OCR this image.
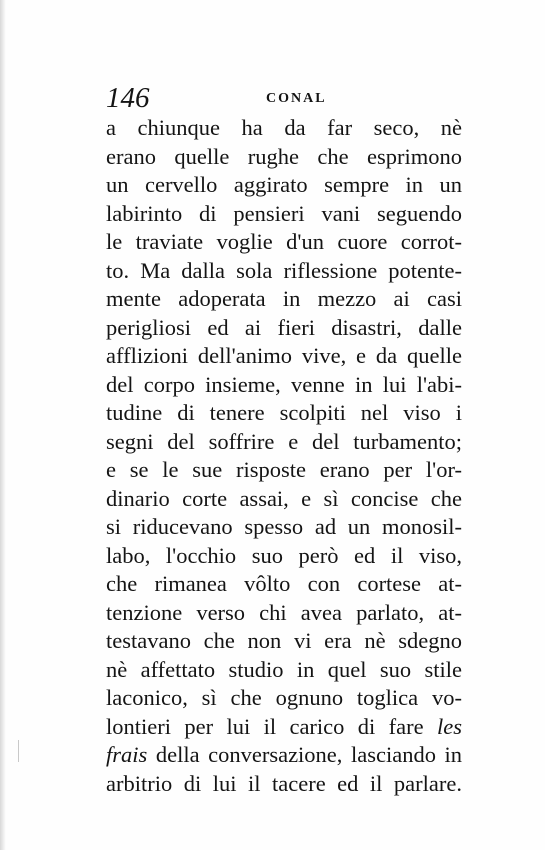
146	CONAL
a chiunque ha da far seco, nè
erano quelle rughe che esprimono
un cervello aggirato sempre in un
labirinto di pensieri vani seguendo
le traviate voglie d'un cuore corrot-
to. Ma dalla sola riflessione potente-
mente adoperata in mezzo ai casi
perigliosi ed ai fieri disastri, dalle
afflizioni dell'animo vive, e da quelle
del corpo insieme, venne in lui l'abi-
tudine di tenere scolpiti nel viso i
segni del soffrire e del turbamento;
e se le sue risposte erano per l'or-
dinario corte assai, e sì concise che
si riducevano spesso ad un monosil-
labo, l'occhio suo però ed il viso,
che rimanea vôlto con cortese at-
tenzione verso chi avea parlato, at-
testavano che non vi era nè sdegno
nè affettato studio in quel suo stile
laconico, sì che ognuno toglica vo-
lontieri per lui il carico di fare les
frais della conversazione, lasciando in
arbitrio di lui il tacere ed il parlare.
